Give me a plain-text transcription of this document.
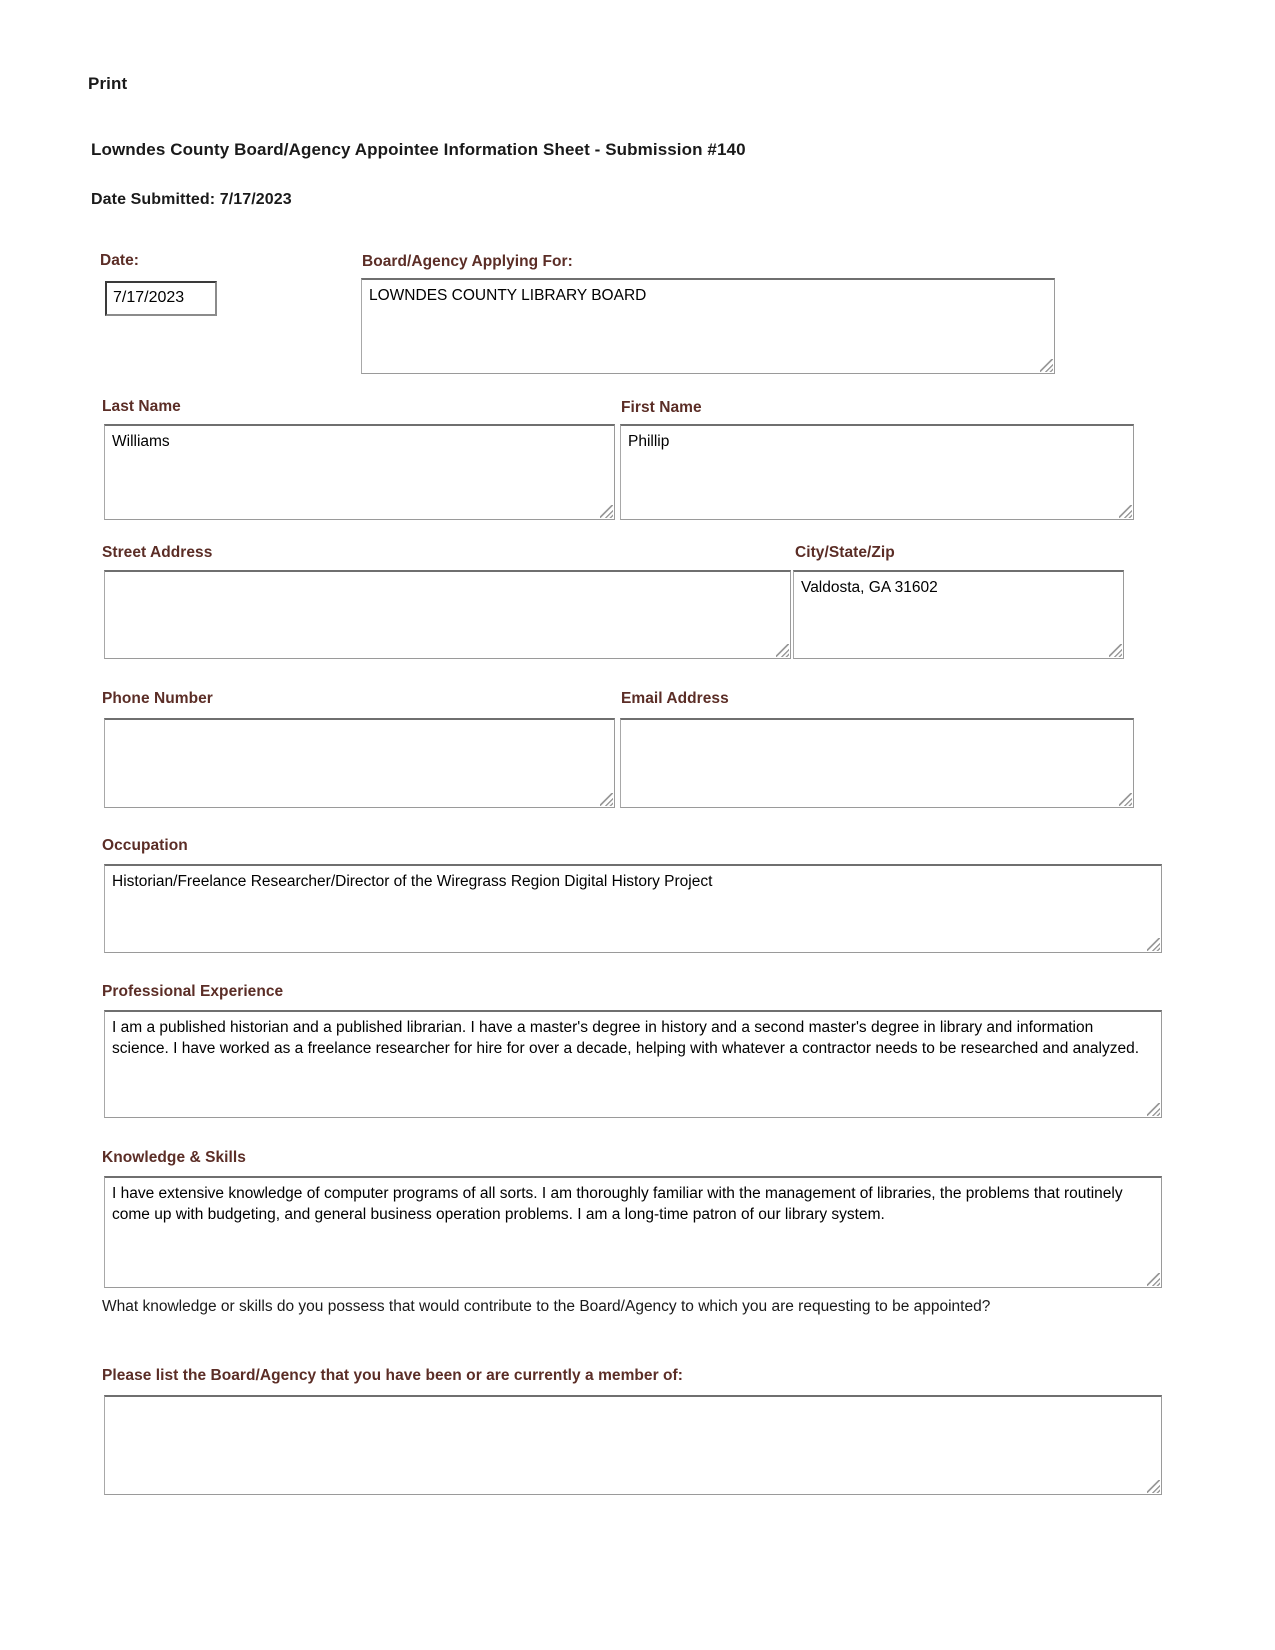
Print
Lowndes County Board/Agency Appointee Information Sheet - Submission #140
Date Submitted: 7/17/2023
Date:
7/17/2023
Board/Agency Applying For:
LOWNDES COUNTY LIBRARY BOARD
Last Name
Williams
First Name
Phillip
Street Address	City/State/Zip
Valdosta, GA 31602
Phone Number	Email Address
Occupation
Historian/Freelance Researcher/Director of the Wiregrass Region Digital History Project
Professional Experience
I am a published historian and a published librarian. I have a master's degree in history and a second master's degree in library and information science. I have worked as a freelance researcher for hire for over a decade, helping with whatever a contractor needs to be researched and analyzed.
Knowledge & Skills
I have extensive knowledge of computer programs of all sorts. I am thoroughly familiar with the management of libraries, the problems that routinely come up with budgeting, and general business operation problems. I am a long-time patron of our library system.
What knowledge or skills do you possess that would contribute to the Board/Agency to which you are requesting to be appointed?
Please list the Board/Agency that you have been or are currently a member of:
